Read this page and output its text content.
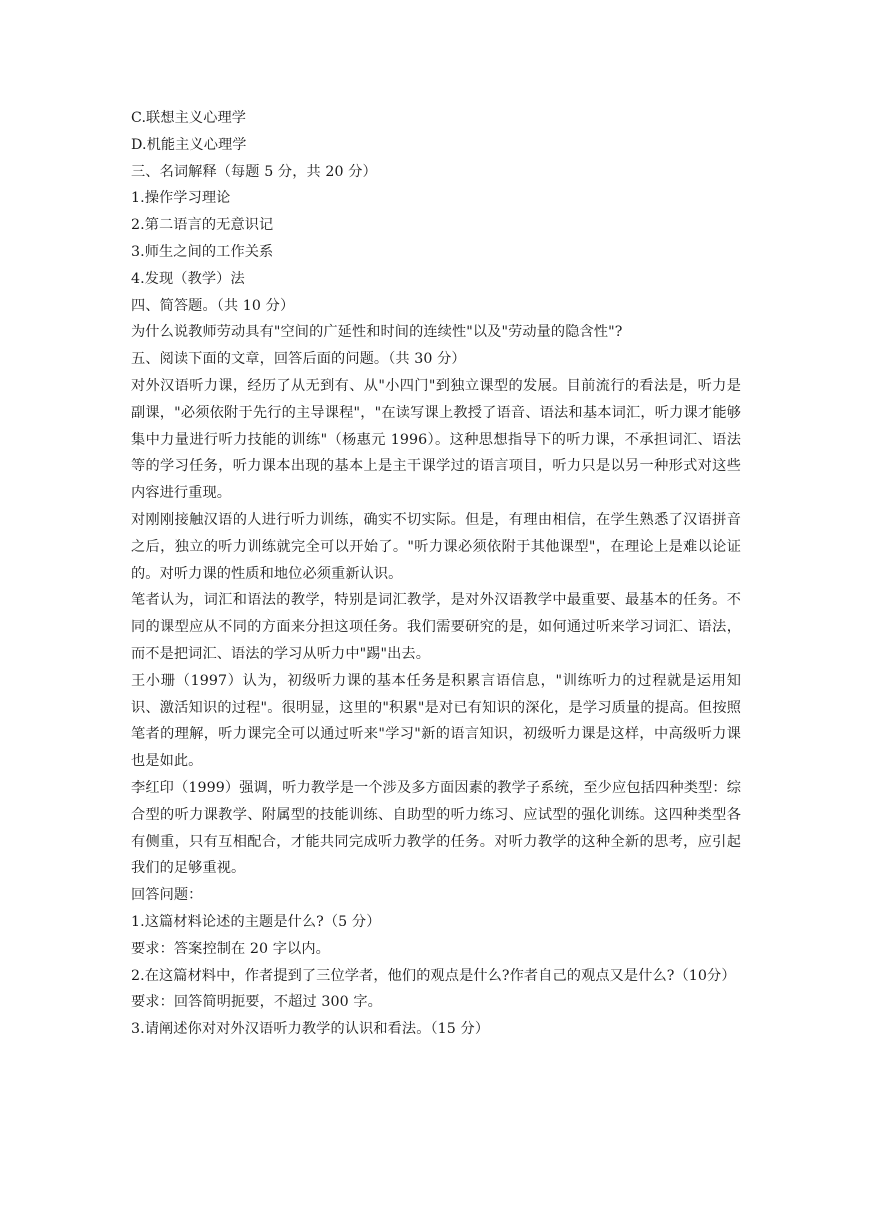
C.联想主义心理学
D.机能主义心理学
三、名词解释（每题 5 分，共 20 分）
1.操作学习理论
2.第二语言的无意识记
3.师生之间的工作关系
4.发现（教学）法
四、简答题。（共 10 分）
为什么说教师劳动具有"空间的广延性和时间的连续性"以及"劳动量的隐含性"?
五、阅读下面的文章，回答后面的问题。（共 30 分）
对外汉语听力课，经历了从无到有、从"小四门"到独立课型的发展。目前流行的看法是，听力是副课，"必须依附于先行的主导课程"，"在读写课上教授了语音、语法和基本词汇，听力课才能够集中力量进行听力技能的训练"（杨惠元 1996）。这种思想指导下的听力课，不承担词汇、语法等的学习任务，听力课本出现的基本上是主干课学过的语言项目，听力只是以另一种形式对这些内容进行重现。
对刚刚接触汉语的人进行听力训练，确实不切实际。但是，有理由相信，在学生熟悉了汉语拼音之后，独立的听力训练就完全可以开始了。"听力课必须依附于其他课型"，在理论上是难以论证的。对听力课的性质和地位必须重新认识。
笔者认为，词汇和语法的教学，特别是词汇教学，是对外汉语教学中最重要、最基本的任务。不同的课型应从不同的方面来分担这项任务。我们需要研究的是，如何通过听来学习词汇、语法，而不是把词汇、语法的学习从听力中"踢"出去。
王小珊（1997）认为，初级听力课的基本任务是积累言语信息，"训练听力的过程就是运用知识、激活知识的过程"。很明显，这里的"积累"是对已有知识的深化，是学习质量的提高。但按照笔者的理解，听力课完全可以通过听来"学习"新的语言知识，初级听力课是这样，中高级听力课也是如此。
李红印（1999）强调，听力教学是一个涉及多方面因素的教学子系统，至少应包括四种类型：综合型的听力课教学、附属型的技能训练、自助型的听力练习、应试型的强化训练。这四种类型各有侧重，只有互相配合，才能共同完成听力教学的任务。对听力教学的这种全新的思考，应引起我们的足够重视。
回答问题：
1.这篇材料论述的主题是什么?（5 分）
要求：答案控制在 20 字以内。
2.在这篇材料中，作者提到了三位学者，他们的观点是什么?作者自己的观点又是什么?（10分）
要求：回答简明扼要，不超过 300 字。
3.请阐述你对对外汉语听力教学的认识和看法。（15 分）
